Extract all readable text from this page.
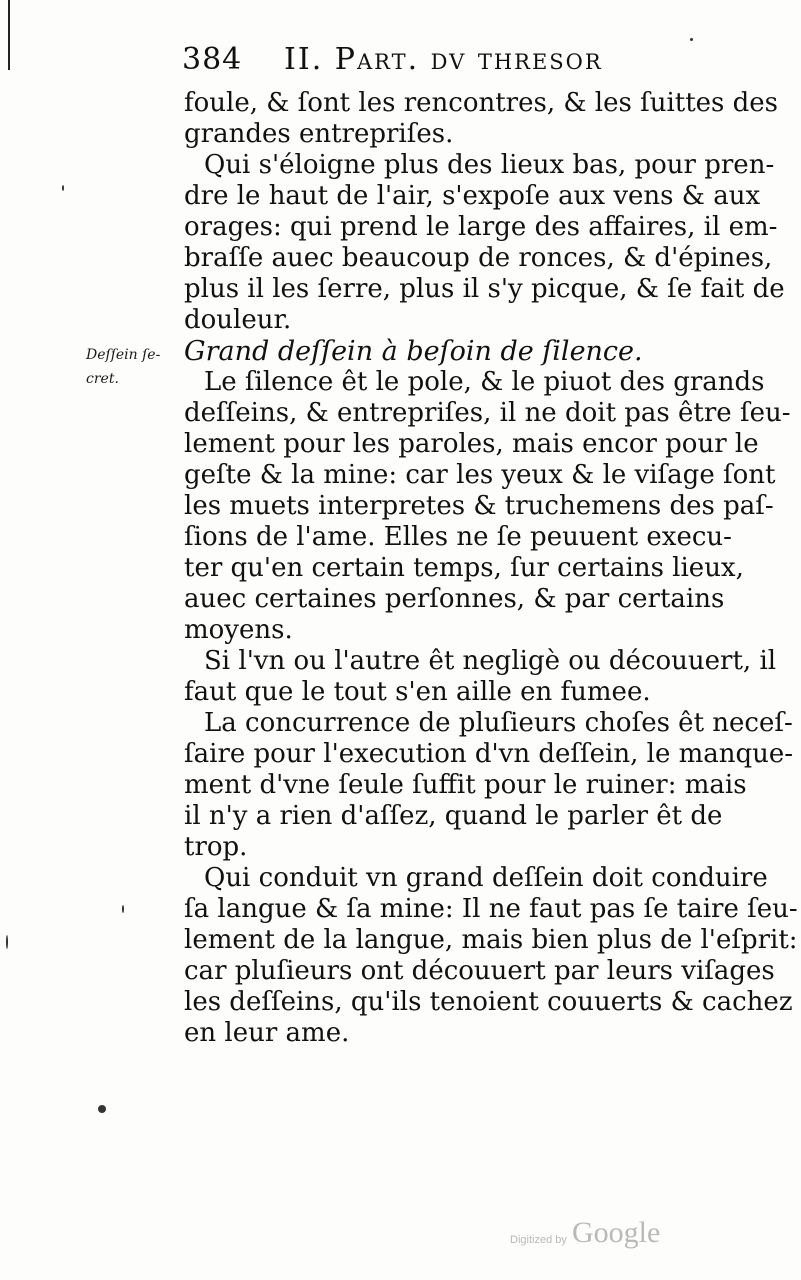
384 II. Part. dv thresor
Deſſein ſe-
cret.
foule, & ſont les rencontres, & les ſuittes des
grandes entrepriſes.
Qui s'éloigne plus des lieux bas, pour pren-
dre le haut de l'air, s'expoſe aux vens & aux
orages: qui prend le large des affaires, il em-
braſſe auec beaucoup de ronces, & d'épines,
plus il les ſerre, plus il s'y picque, & ſe fait de
douleur.
Grand deſſein à beſoin de ſilence.
Le ſilence êt le pole, & le piuot des grands
deſſeins, & entrepriſes, il ne doit pas être ſeu-
lement pour les paroles, mais encor pour le
geſte & la mine: car les yeux & le viſage ſont
les muets interpretes & truchemens des paſ-
ſions de l'ame. Elles ne ſe peuuent execu-
ter qu'en certain temps, ſur certains lieux,
auec certaines perſonnes, & par certains
moyens.
Si l'vn ou l'autre êt negligè ou découuert, il
faut que le tout s'en aille en fumee.
La concurrence de pluſieurs choſes êt neceſ-
ſaire pour l'execution d'vn deſſein, le manque-
ment d'vne ſeule ſuffit pour le ruiner: mais
il n'y a rien d'aſſez, quand le parler êt de
trop.
Qui conduit vn grand deſſein doit conduire
ſa langue & ſa mine: Il ne faut pas ſe taire ſeu-
lement de la langue, mais bien plus de l'eſprit:
car pluſieurs ont découuert par leurs viſages
les deſſeins, qu'ils tenoient couuerts & cachez
en leur ame.
Digitized by Google
